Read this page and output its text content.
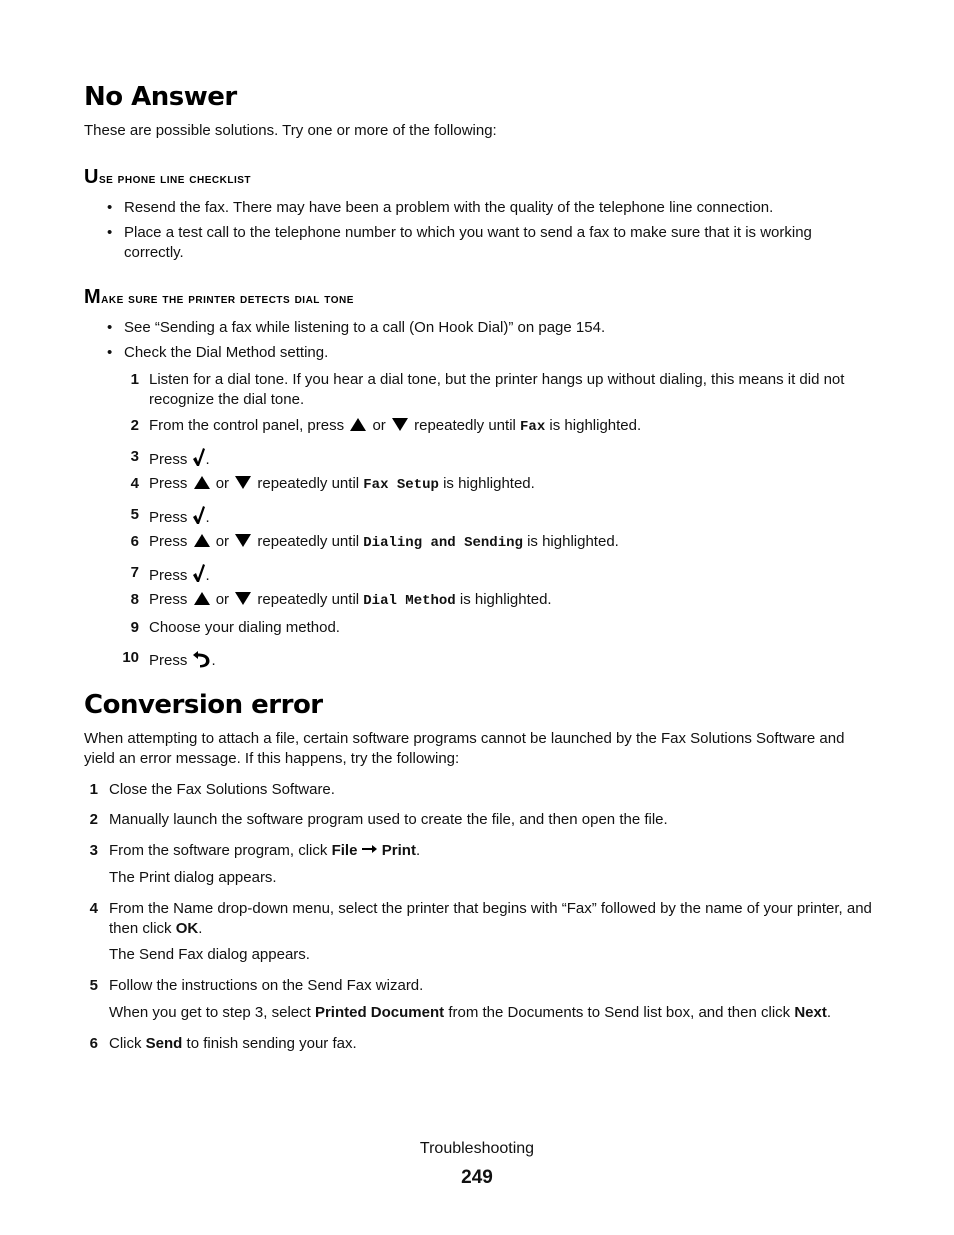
No Answer
These are possible solutions. Try one or more of the following:
Use phone line checklist
• Resend the fax. There may have been a problem with the quality of the telephone line connection.
• Place a test call to the telephone number to which you want to send a fax to make sure that it is working correctly.
Make sure the printer detects dial tone
• See “Sending a fax while listening to a call (On Hook Dial)” on page 154.
• Check the Dial Method setting.
1 Listen for a dial tone. If you hear a dial tone, but the printer hangs up without dialing, this means it did not recognize the dial tone.
2 From the control panel, press or repeatedly until Fax is highlighted.
3 Press .
4 Press or repeatedly until Fax Setup is highlighted.
5 Press .
6 Press or repeatedly until Dialing and Sending is highlighted.
7 Press .
8 Press or repeatedly until Dial Method is highlighted.
9 Choose your dialing method.
10 Press .
Conversion error
When attempting to attach a file, certain software programs cannot be launched by the Fax Solutions Software and yield an error message. If this happens, try the following:
1 Close the Fax Solutions Software.
2 Manually launch the software program used to create the file, and then open the file.
3 From the software program, click File Print.
The Print dialog appears.
4 From the Name drop-down menu, select the printer that begins with “Fax” followed by the name of your printer, and then click OK.
The Send Fax dialog appears.
5 Follow the instructions on the Send Fax wizard.
When you get to step 3, select Printed Document from the Documents to Send list box, and then click Next.
6 Click Send to finish sending your fax.
Troubleshooting
249
